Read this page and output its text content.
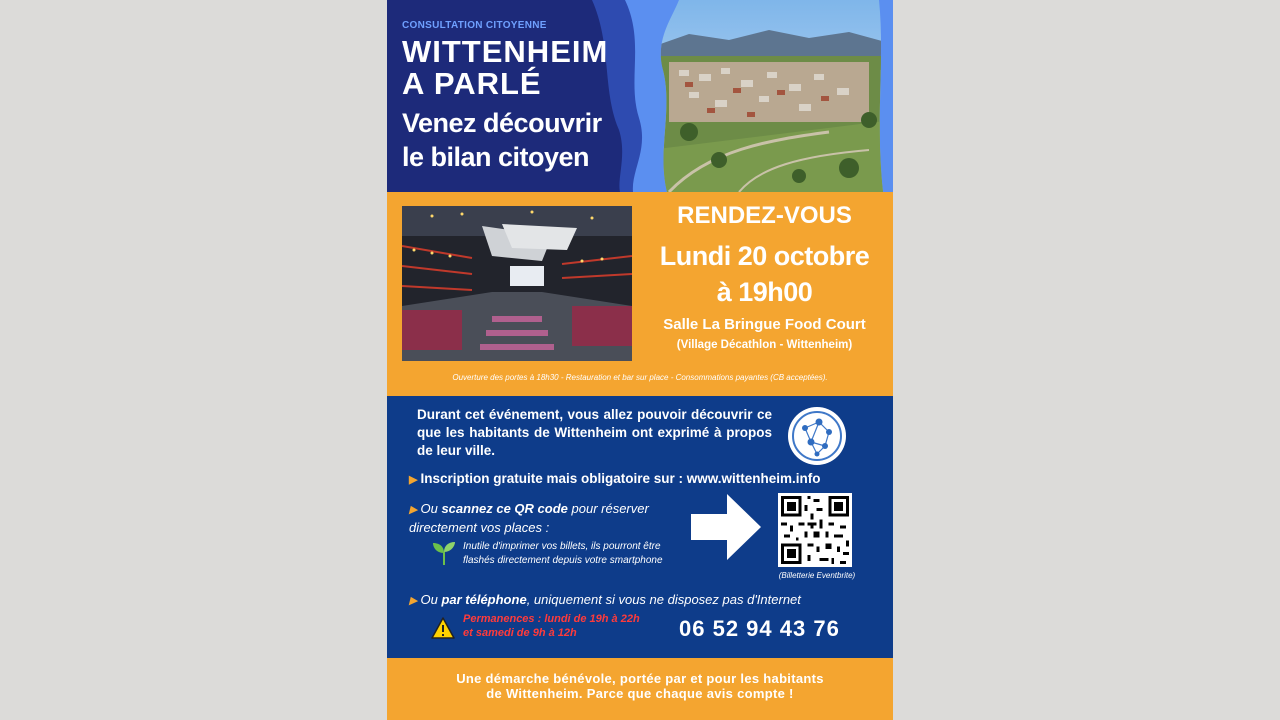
CONSULTATION CITOYENNE
WITTENHEIM
A PARLÉ
Venez découvrir
le bilan citoyen
RENDEZ-VOUS
Lundi 20 octobre
à 19h00
Salle La Bringue Food Court
(Village Décathlon - Wittenheim)
Ouverture des portes à 18h30 - Restauration et bar sur place - Consommations payantes (CB acceptées).
Durant cet événement, vous allez pouvoir découvrir ce que les habitants de Wittenheim ont exprimé à propos de leur ville.
▶ Inscription gratuite mais obligatoire sur : www.wittenheim.info
▶ Ou scannez ce QR code pour réserver directement vos places :
Inutile d'imprimer vos billets, ils pourront être flashés directement depuis votre smartphone
(Billetterie Eventbrite)
▶ Ou par téléphone, uniquement si vous ne disposez pas d'Internet
Permanences : lundi de 19h à 22h
et samedi de 9h à 12h	06 52 94 43 76
Une démarche bénévole, portée par et pour les habitants
de Wittenheim. Parce que chaque avis compte !
